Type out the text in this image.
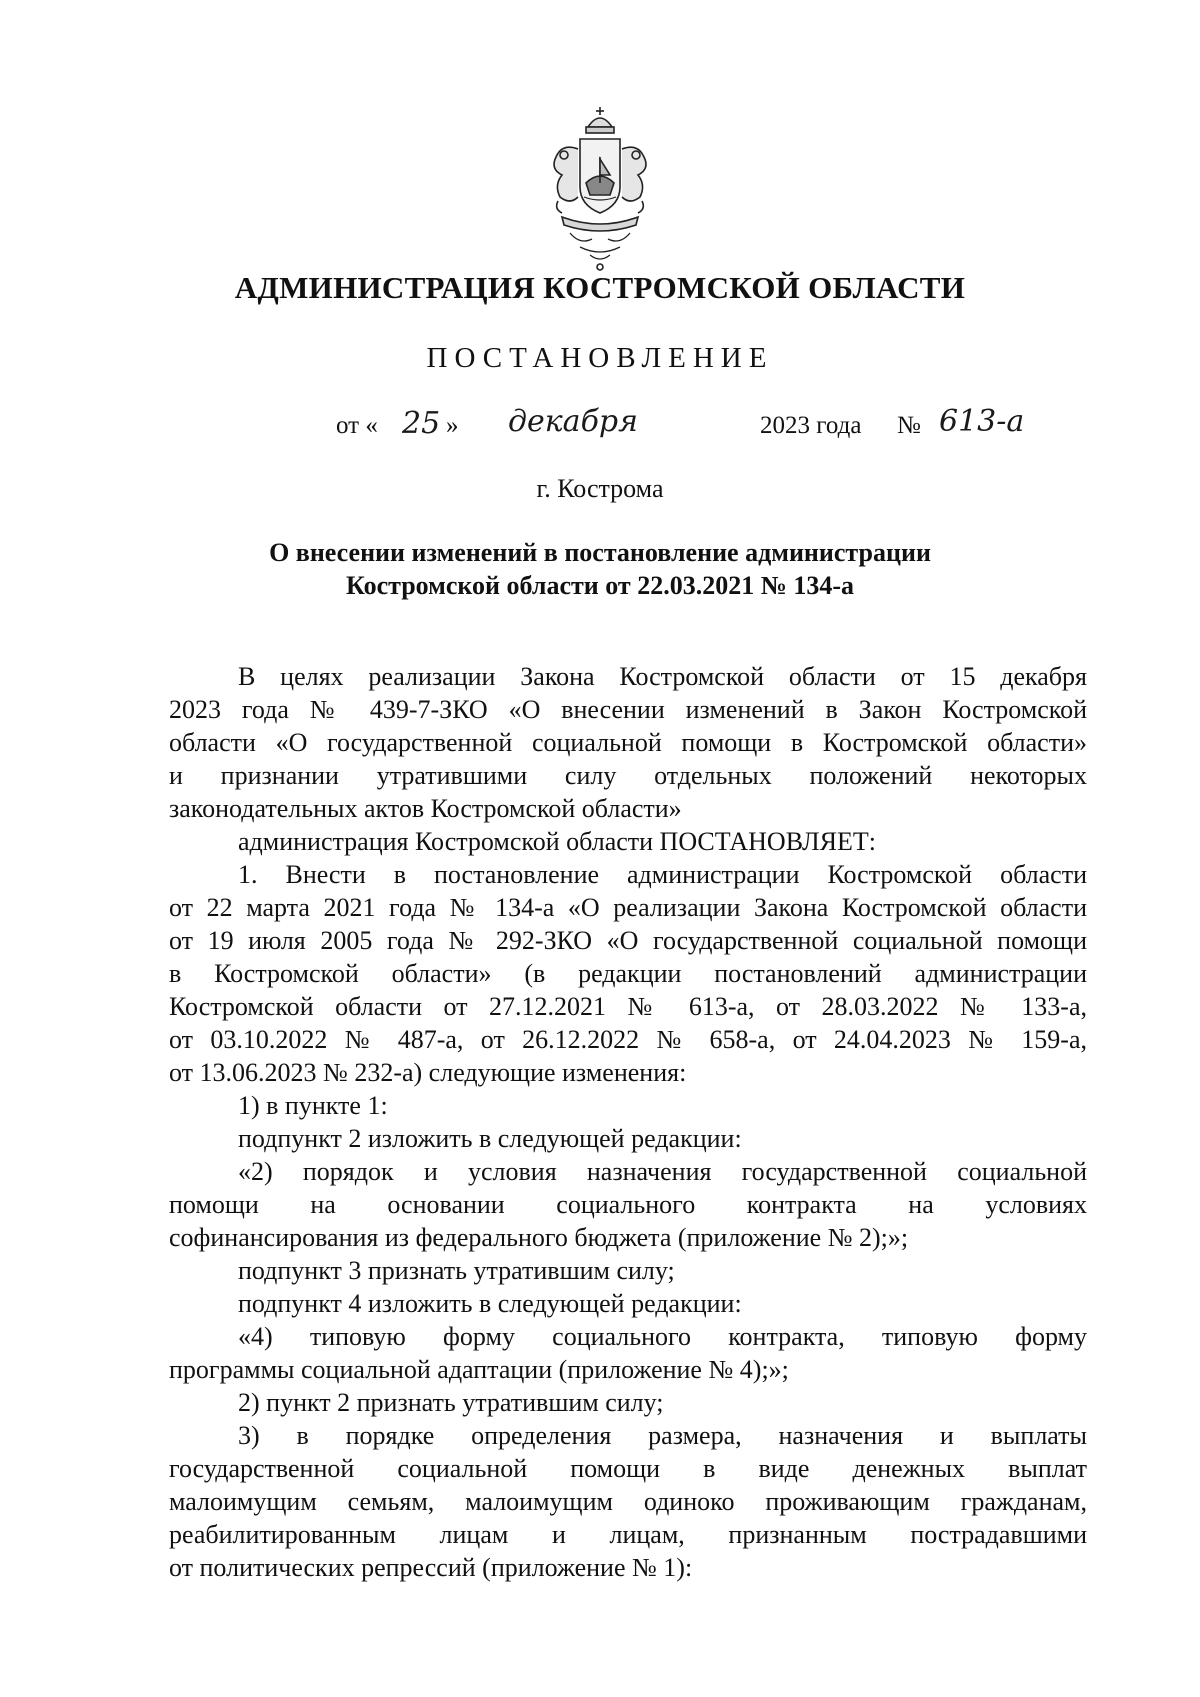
АДМИНИСТРАЦИЯ КОСТРОМСКОЙ ОБЛАСТИ
ПОСТАНОВЛЕНИЕ
от « 25 » декабря	2023 года № 613-а
г. Кострома
О внесении изменений в постановление администрации
Костромской области от 22.03.2021 № 134-а

В целях реализации Закона Костромской области от 15 декабря

2023 года № 439-7-ЗКО «О внесении изменений в Закон Костромской

области «О государственной социальной помощи в Костромской области»

и признании утратившими силу отдельных положений некоторых

законодательных актов Костромской области»

администрация Костромской области ПОСТАНОВЛЯЕТ:

1. Внести в постановление администрации Костромской области

от 22 марта 2021 года № 134-а «О реализации Закона Костромской области

от 19 июля 2005 года № 292-ЗКО «О государственной социальной помощи

в Костромской области» (в редакции постановлений администрации

Костромской области от 27.12.2021 № 613-а, от 28.03.2022 № 133-а,

от 03.10.2022 № 487-а, от 26.12.2022 № 658-а, от 24.04.2023 № 159-а,

от 13.06.2023 № 232-а) следующие изменения:

1) в пункте 1:

подпункт 2 изложить в следующей редакции:

«2) порядок и условия назначения государственной социальной

помощи на основании социального контракта на условиях

софинансирования из федерального бюджета (приложение № 2);»;

подпункт 3 признать утратившим силу;

подпункт 4 изложить в следующей редакции:

«4) типовую форму социального контракта, типовую форму

программы социальной адаптации (приложение № 4);»;

2) пункт 2 признать утратившим силу;

3) в порядке определения размера, назначения и выплаты

государственной социальной помощи в виде денежных выплат

малоимущим семьям, малоимущим одиноко проживающим гражданам,

реабилитированным лицам и лицам, признанным пострадавшими

от политических репрессий (приложение № 1):
